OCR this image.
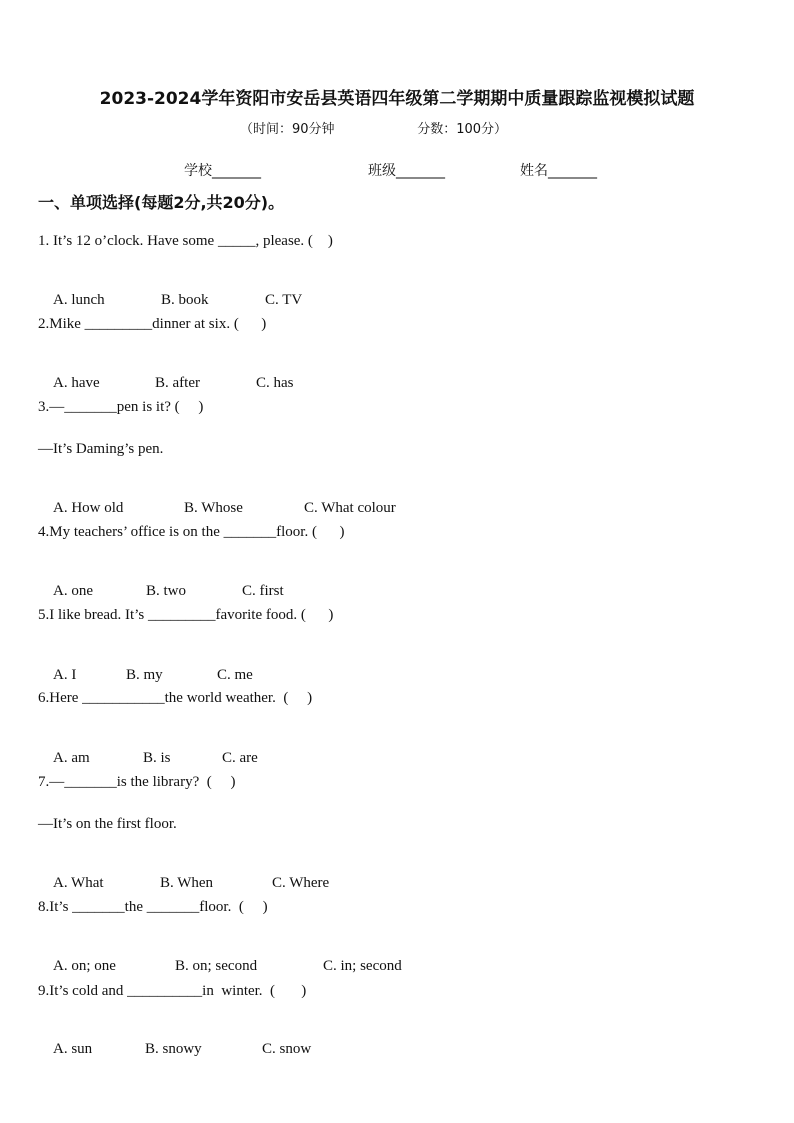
2023-2024学年资阳市安岳县英语四年级第二学期期中质量跟踪监视模拟试题
（时间：90分钟                    分数：100分）
学校_______	班级_______	姓名_______
一、单项选择(每题2分,共20分)。
1. It’s 12 o’clock. Have some _____, please. (    )

A. lunch	B. book	C. TV

2.Mike _________dinner at six. (      )

A. have	B. after	C. has

3.—_______pen is it? (     )
—It’s Daming’s pen.

A. How old	B. Whose	C. What colour

4.My teachers’ office is on the _______floor. (      )

A. one	B. two	C. first

5.I like bread. It’s _________favorite food. (      )

A. I	B. my	C. me

6.Here ___________the world weather.  (     )

A. am	B. is	C. are

7.—_______is the library?  (     )
—It’s on the first floor.

A. What	B. When	C. Where

8.It’s _______the _______floor.  (     )

A. on; one	B. on; second	C. in; second

9.It’s cold and __________in  winter.  (       )

A. sun	B. snowy	C. snow
